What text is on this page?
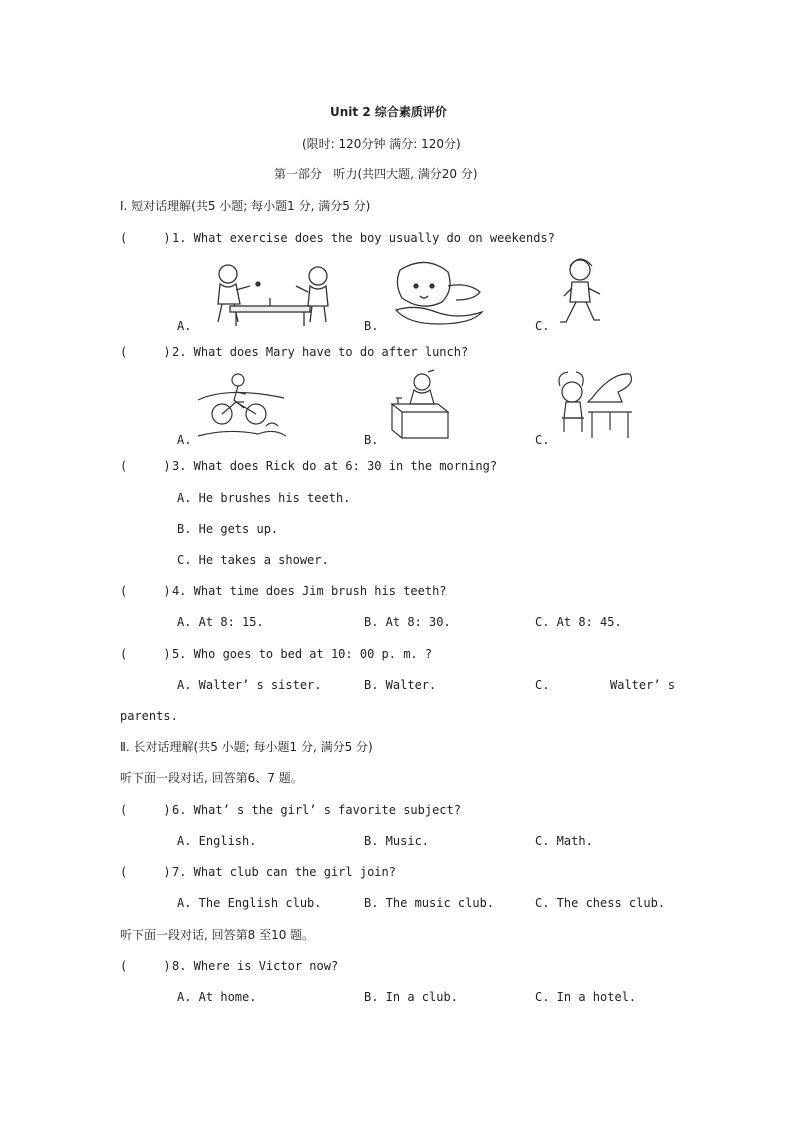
Unit 2 综合素质评价
(限时: 120分钟 满分: 120分)
第一部分   听力(共四大题, 满分20 分)
I. 短对话理解(共5 小题; 每小题1 分, 满分5 分)
(     ) 1. What exercise does the boy usually do on weekends?
A.	B.	C.
(     ) 2. What does Mary have to do after lunch?
A.	B.	C.
(     ) 3. What does Rick do at 6: 30 in the morning?
A. He brushes his teeth.
B. He gets up.
C. He takes a shower.
(     ) 4. What time does Jim brush his teeth?
A. At 8: 15.	B. At 8: 30.	C. At 8: 45.
(     ) 5. Who goes to bed at 10: 00 p. m. ?
A. Walter’ s sister.	B. Walter.	C.	Walter’ s
parents.
Ⅱ. 长对话理解(共5 小题; 每小题1 分, 满分5 分)
听下面一段对话, 回答第6、7 题。
(     ) 6. What’ s the girl’ s favorite subject?
A. English.	B. Music.	C. Math.
(     ) 7. What club can the girl join?
A. The English club.	B. The music club.	C. The chess club.
听下面一段对话, 回答第8 至10 题。
(     ) 8. Where is Victor now?
A. At home.	B. In a club.	C. In a hotel.
